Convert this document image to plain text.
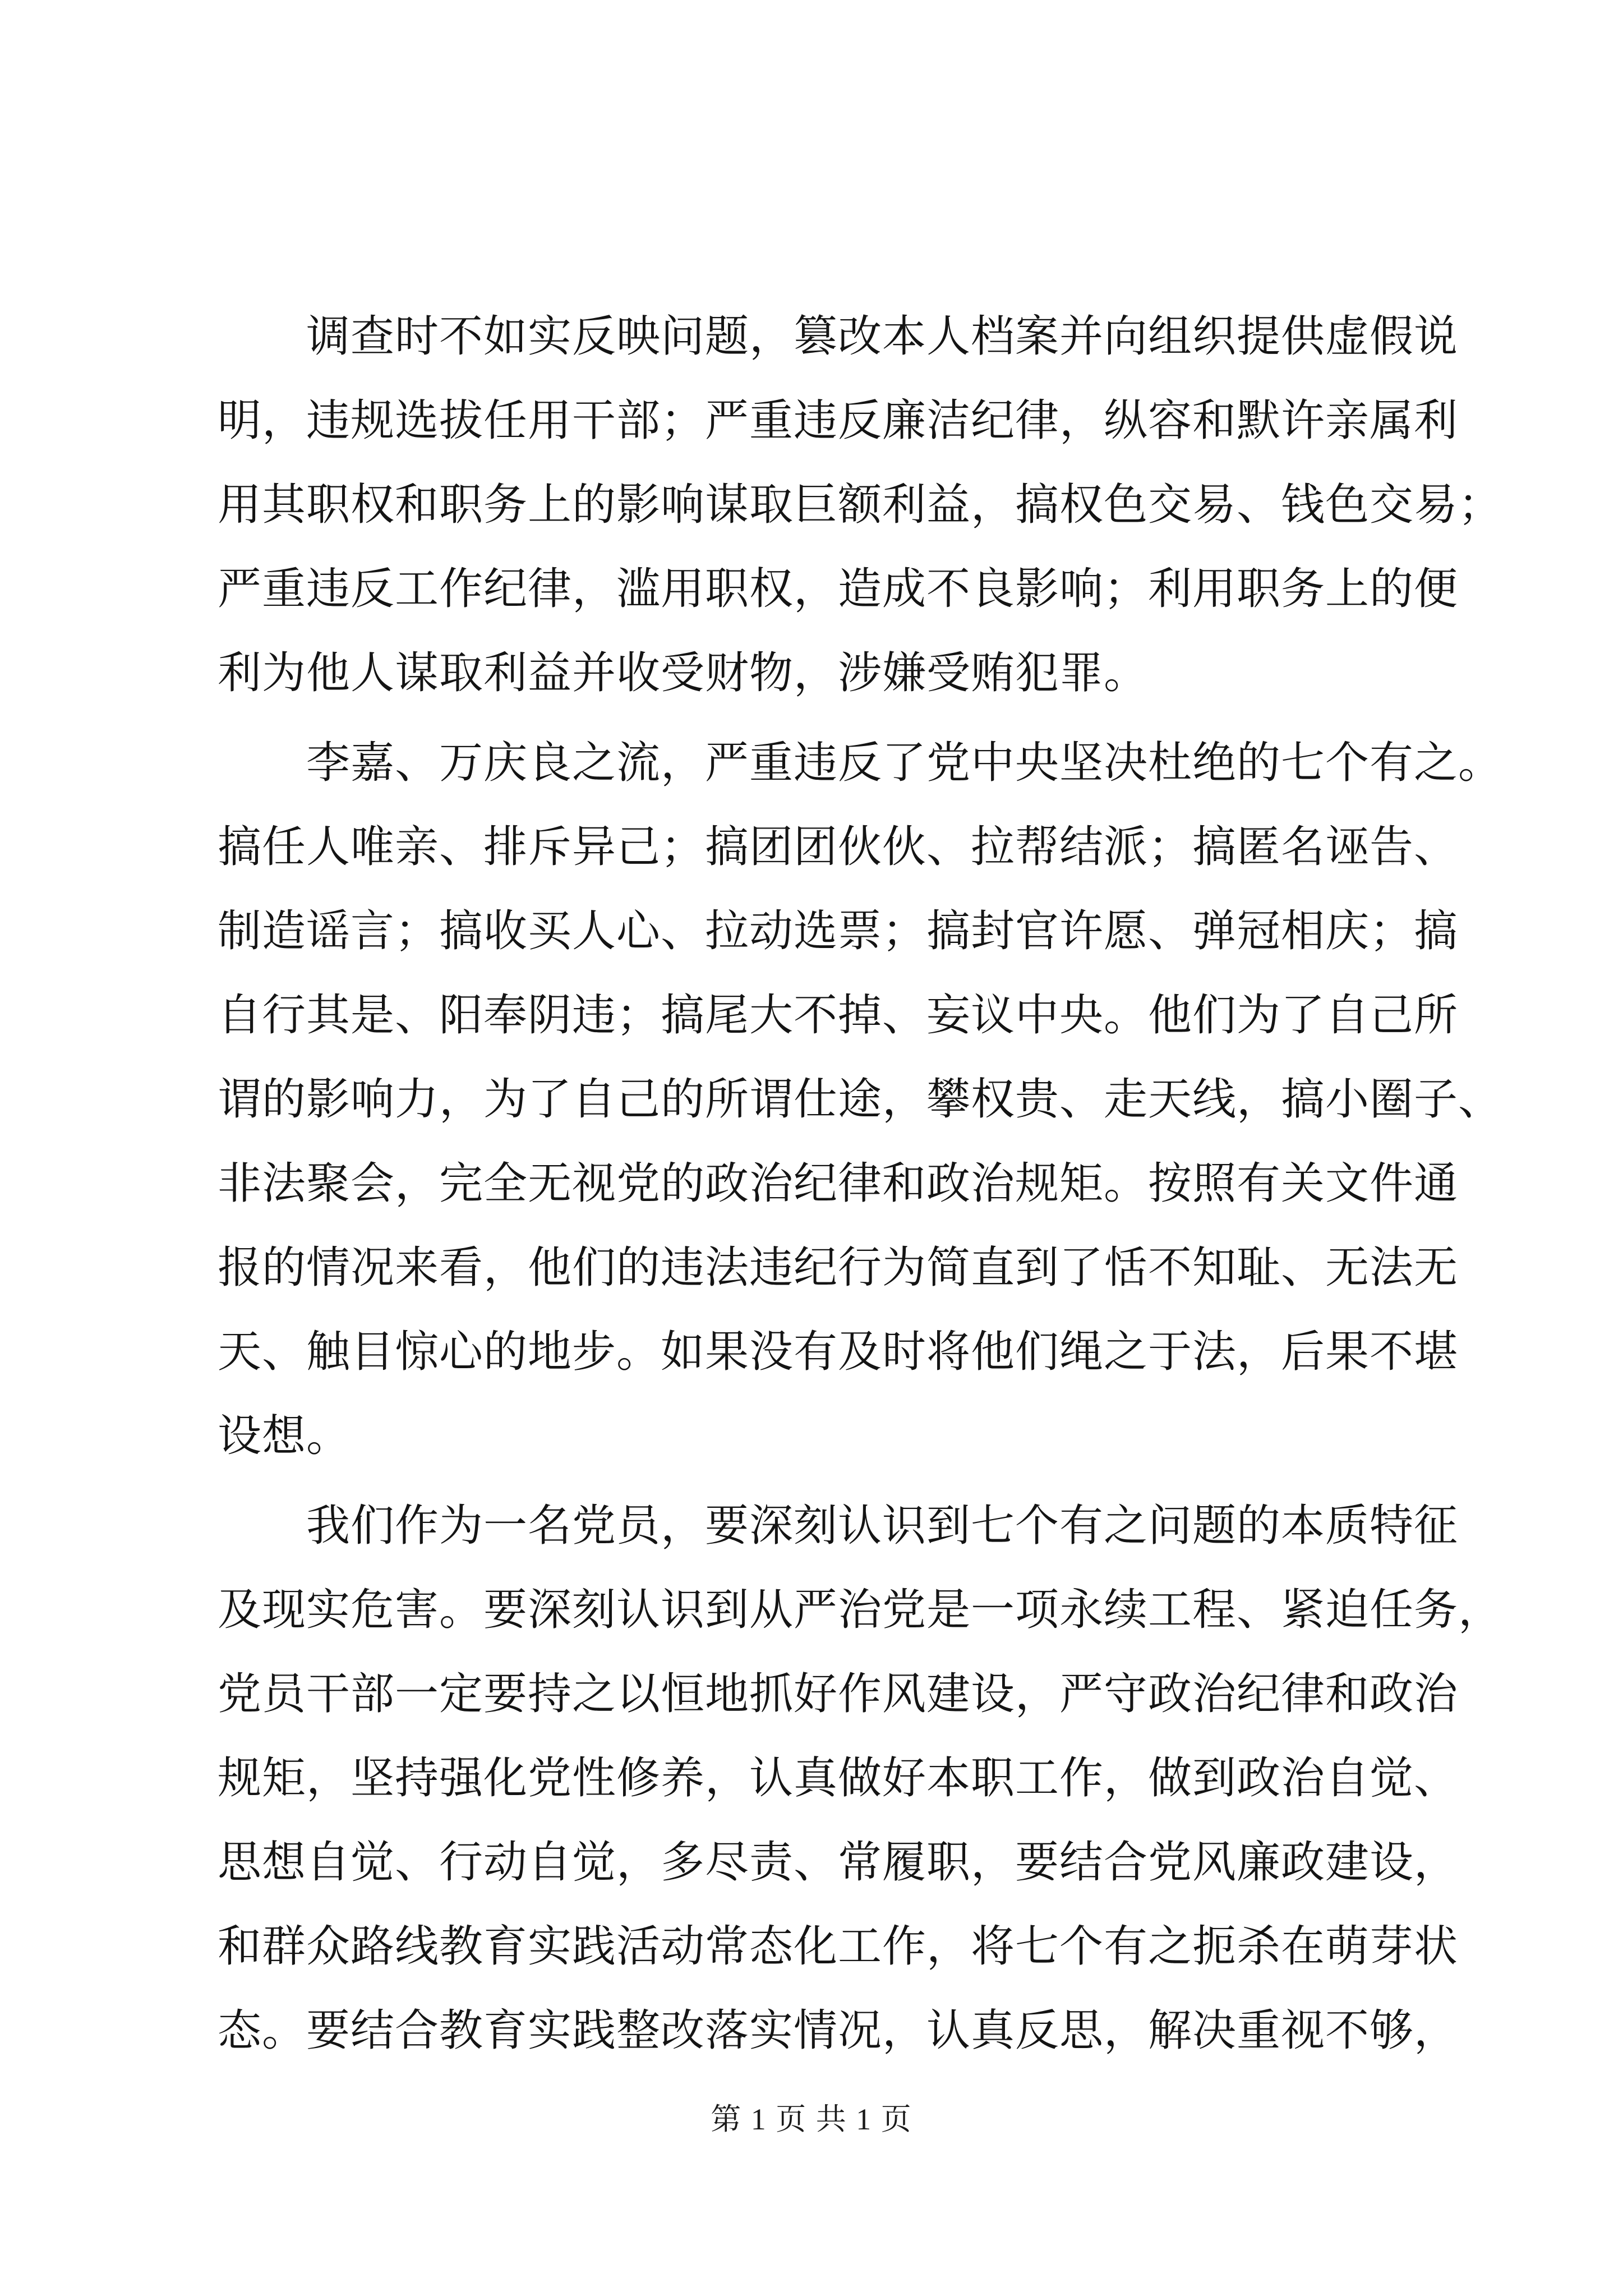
调查时不如实反映问题，篡改本人档案并向组织提供虚假说
明，违规选拔任用干部；严重违反廉洁纪律，纵容和默许亲属利
用其职权和职务上的影响谋取巨额利益，搞权色交易、钱色交易；
严重违反工作纪律，滥用职权，造成不良影响；利用职务上的便
利为他人谋取利益并收受财物，涉嫌受贿犯罪。
李嘉、万庆良之流，严重违反了党中央坚决杜绝的七个有之。
搞任人唯亲、排斥异己；搞团团伙伙、拉帮结派；搞匿名诬告、
制造谣言；搞收买人心、拉动选票；搞封官许愿、弹冠相庆；搞
自行其是、阳奉阴违；搞尾大不掉、妄议中央。他们为了自己所
谓的影响力，为了自己的所谓仕途，攀权贵、走天线，搞小圈子、
非法聚会，完全无视党的政治纪律和政治规矩。按照有关文件通
报的情况来看，他们的违法违纪行为简直到了恬不知耻、无法无
天、触目惊心的地步。如果没有及时将他们绳之于法，后果不堪
设想。
我们作为一名党员，要深刻认识到七个有之问题的本质特征
及现实危害。要深刻认识到从严治党是一项永续工程、紧迫任务，
党员干部一定要持之以恒地抓好作风建设，严守政治纪律和政治
规矩，坚持强化党性修养，认真做好本职工作，做到政治自觉、
思想自觉、行动自觉，多尽责、常履职，要结合党风廉政建设，
和群众路线教育实践活动常态化工作，将七个有之扼杀在萌芽状
态。要结合教育实践整改落实情况，认真反思，解决重视不够，
第 1 页 共 1 页
